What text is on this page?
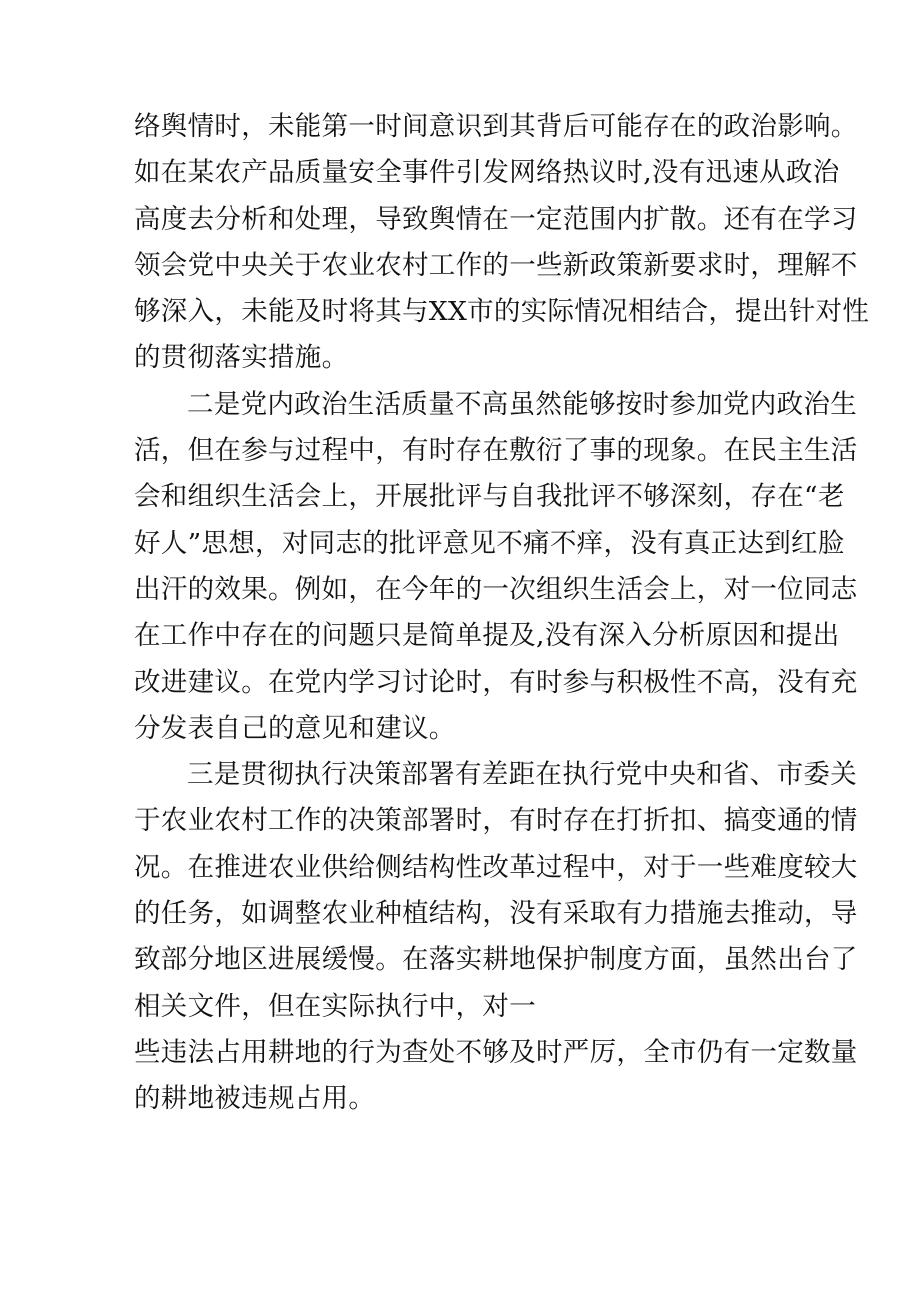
络舆情时，未能第一时间意识到其背后可能存在的政治影响。
如在某农产品质量安全事件引发网络热议时,没有迅速从政治
高度去分析和处理，导致舆情在一定范围内扩散。还有在学习
领会党中央关于农业农村工作的一些新政策新要求时，理解不
够深入，未能及时将其与XX市的实际情况相结合，提出针对性
的贯彻落实措施。
二是党内政治生活质量不高虽然能够按时参加党内政治生
活，但在参与过程中，有时存在敷衍了事的现象。在民主生活
会和组织生活会上，开展批评与自我批评不够深刻，存在“老
好人”思想，对同志的批评意见不痛不痒，没有真正达到红脸
出汗的效果。例如，在今年的一次组织生活会上，对一位同志
在工作中存在的问题只是简单提及,没有深入分析原因和提出
改进建议。在党内学习讨论时，有时参与积极性不高，没有充
分发表自己的意见和建议。
三是贯彻执行决策部署有差距在执行党中央和省、市委关
于农业农村工作的决策部署时，有时存在打折扣、搞变通的情
况。在推进农业供给侧结构性改革过程中，对于一些难度较大
的任务，如调整农业种植结构，没有采取有力措施去推动，导
致部分地区进展缓慢。在落实耕地保护制度方面，虽然出台了
相关文件，但在实际执行中，对一
些违法占用耕地的行为查处不够及时严厉，全市仍有一定数量
的耕地被违规占用。
